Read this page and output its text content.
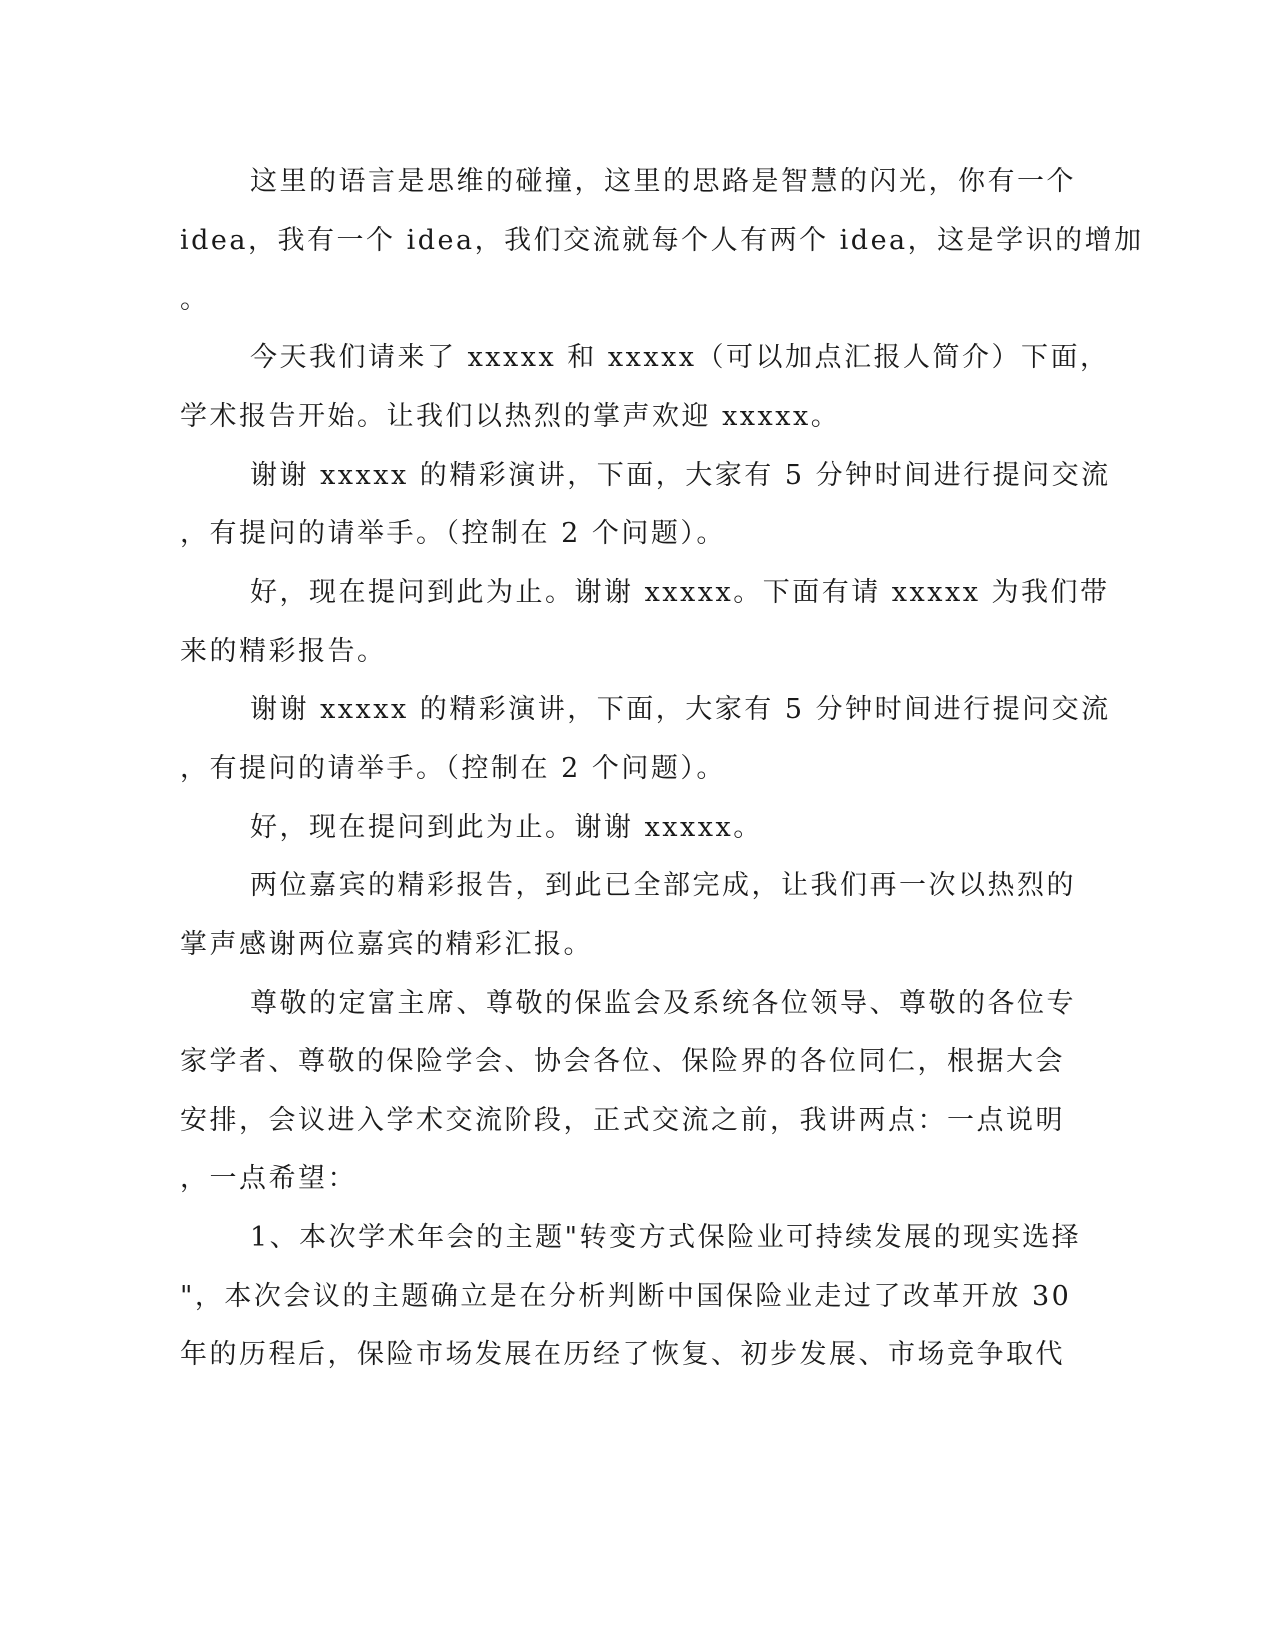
这里的语言是思维的碰撞，这里的思路是智慧的闪光，你有一个
idea，我有一个 idea，我们交流就每个人有两个 idea，这是学识的增加
。
今天我们请来了 xxxxx 和 xxxxx（可以加点汇报人简介）下面，
学术报告开始。让我们以热烈的掌声欢迎 xxxxx。
谢谢 xxxxx 的精彩演讲，下面，大家有 5 分钟时间进行提问交流
，有提问的请举手。（控制在 2 个问题）。
好，现在提问到此为止。谢谢 xxxxx。下面有请 xxxxx 为我们带
来的精彩报告。
谢谢 xxxxx 的精彩演讲，下面，大家有 5 分钟时间进行提问交流
，有提问的请举手。（控制在 2 个问题）。
好，现在提问到此为止。谢谢 xxxxx。
两位嘉宾的精彩报告，到此已全部完成，让我们再一次以热烈的
掌声感谢两位嘉宾的精彩汇报。
尊敬的定富主席、尊敬的保监会及系统各位领导、尊敬的各位专
家学者、尊敬的保险学会、协会各位、保险界的各位同仁，根据大会
安排，会议进入学术交流阶段，正式交流之前，我讲两点：一点说明
，一点希望：
1、本次学术年会的主题"转变方式保险业可持续发展的现实选择
"，本次会议的主题确立是在分析判断中国保险业走过了改革开放 30
年的历程后，保险市场发展在历经了恢复、初步发展、市场竞争取代
